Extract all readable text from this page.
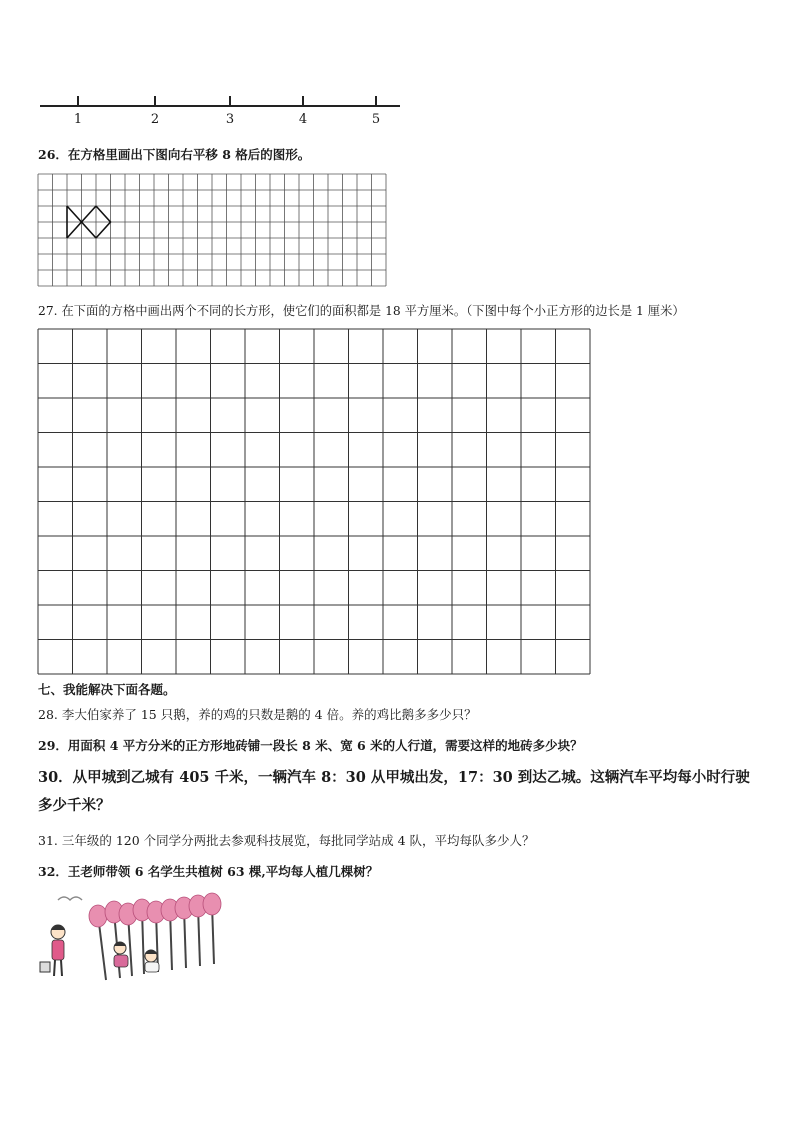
1	2	3	4	5
26．在方格里画出下图向右平移 8 格后的图形。
27. 在下面的方格中画出两个不同的长方形，使它们的面积都是 18 平方厘米。（下图中每个小正方形的边长是 1 厘米）
七、我能解决下面各题。
28. 李大伯家养了 15 只鹅，养的鸡的只数是鹅的 4 倍。养的鸡比鹅多多少只？
29．用面积 4 平方分米的正方形地砖铺一段长 8 米、宽 6 米的人行道，需要这样的地砖多少块？
30．从甲城到乙城有 405 千米，一辆汽车 8：30 从甲城出发，17：30 到达乙城。这辆汽车平均每小时行驶多少千米？
31. 三年级的 120 个同学分两批去参观科技展览，每批同学站成 4 队，平均每队多少人？
32．王老师带领 6 名学生共植树 63 棵,平均每人植几棵树？
